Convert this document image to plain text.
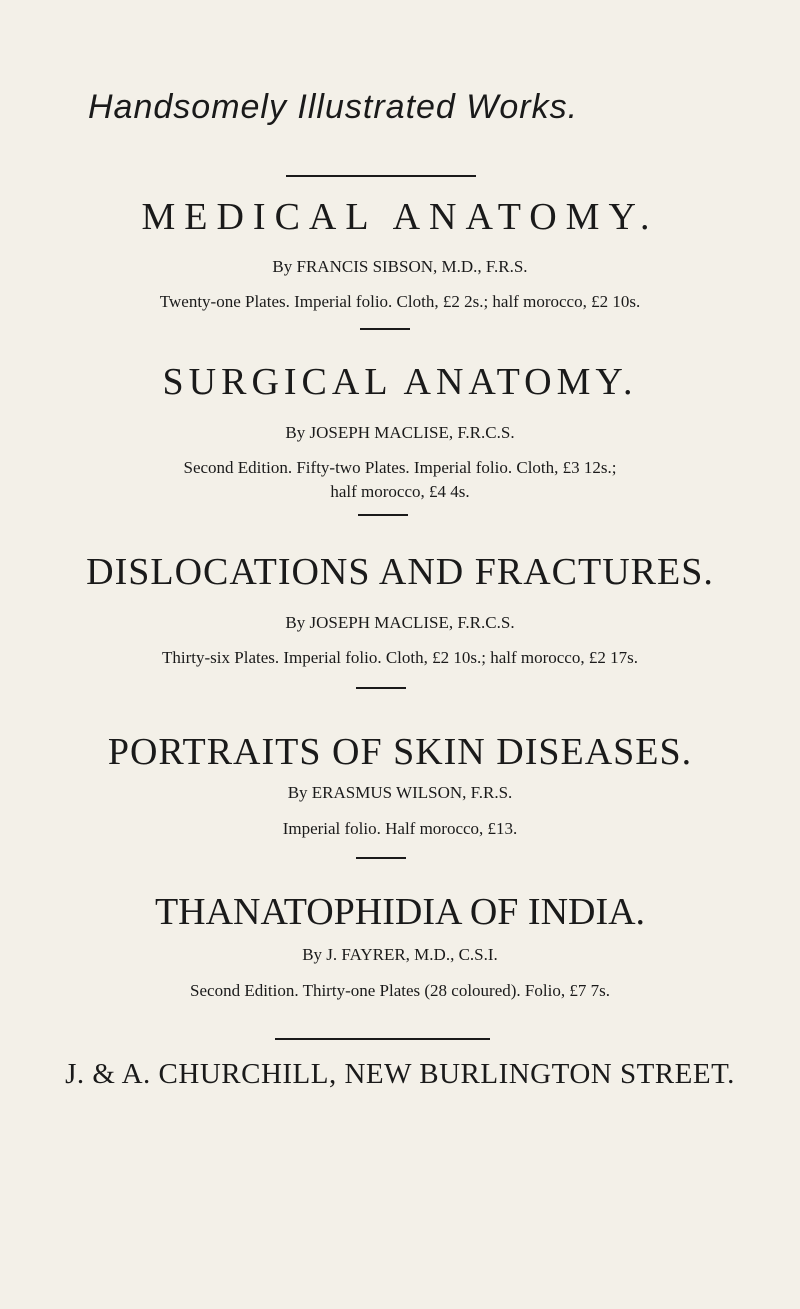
Handsomely Illustrated Works.
MEDICAL ANATOMY.
By FRANCIS SIBSON, M.D., F.R.S.
Twenty-one Plates. Imperial folio. Cloth, £2 2s.; half morocco, £2 10s.
SURGICAL ANATOMY.
By JOSEPH MACLISE, F.R.C.S.
Second Edition. Fifty-two Plates. Imperial folio. Cloth, £3 12s.;
half morocco, £4 4s.
DISLOCATIONS AND FRACTURES.
By JOSEPH MACLISE, F.R.C.S.
Thirty-six Plates. Imperial folio. Cloth, £2 10s.; half morocco, £2 17s.
PORTRAITS OF SKIN DISEASES.
By ERASMUS WILSON, F.R.S.
Imperial folio. Half morocco, £13.
THANATOPHIDIA OF INDIA.
By J. FAYRER, M.D., C.S.I.
Second Edition. Thirty-one Plates (28 coloured). Folio, £7 7s.
J. & A. CHURCHILL, NEW BURLINGTON STREET.
